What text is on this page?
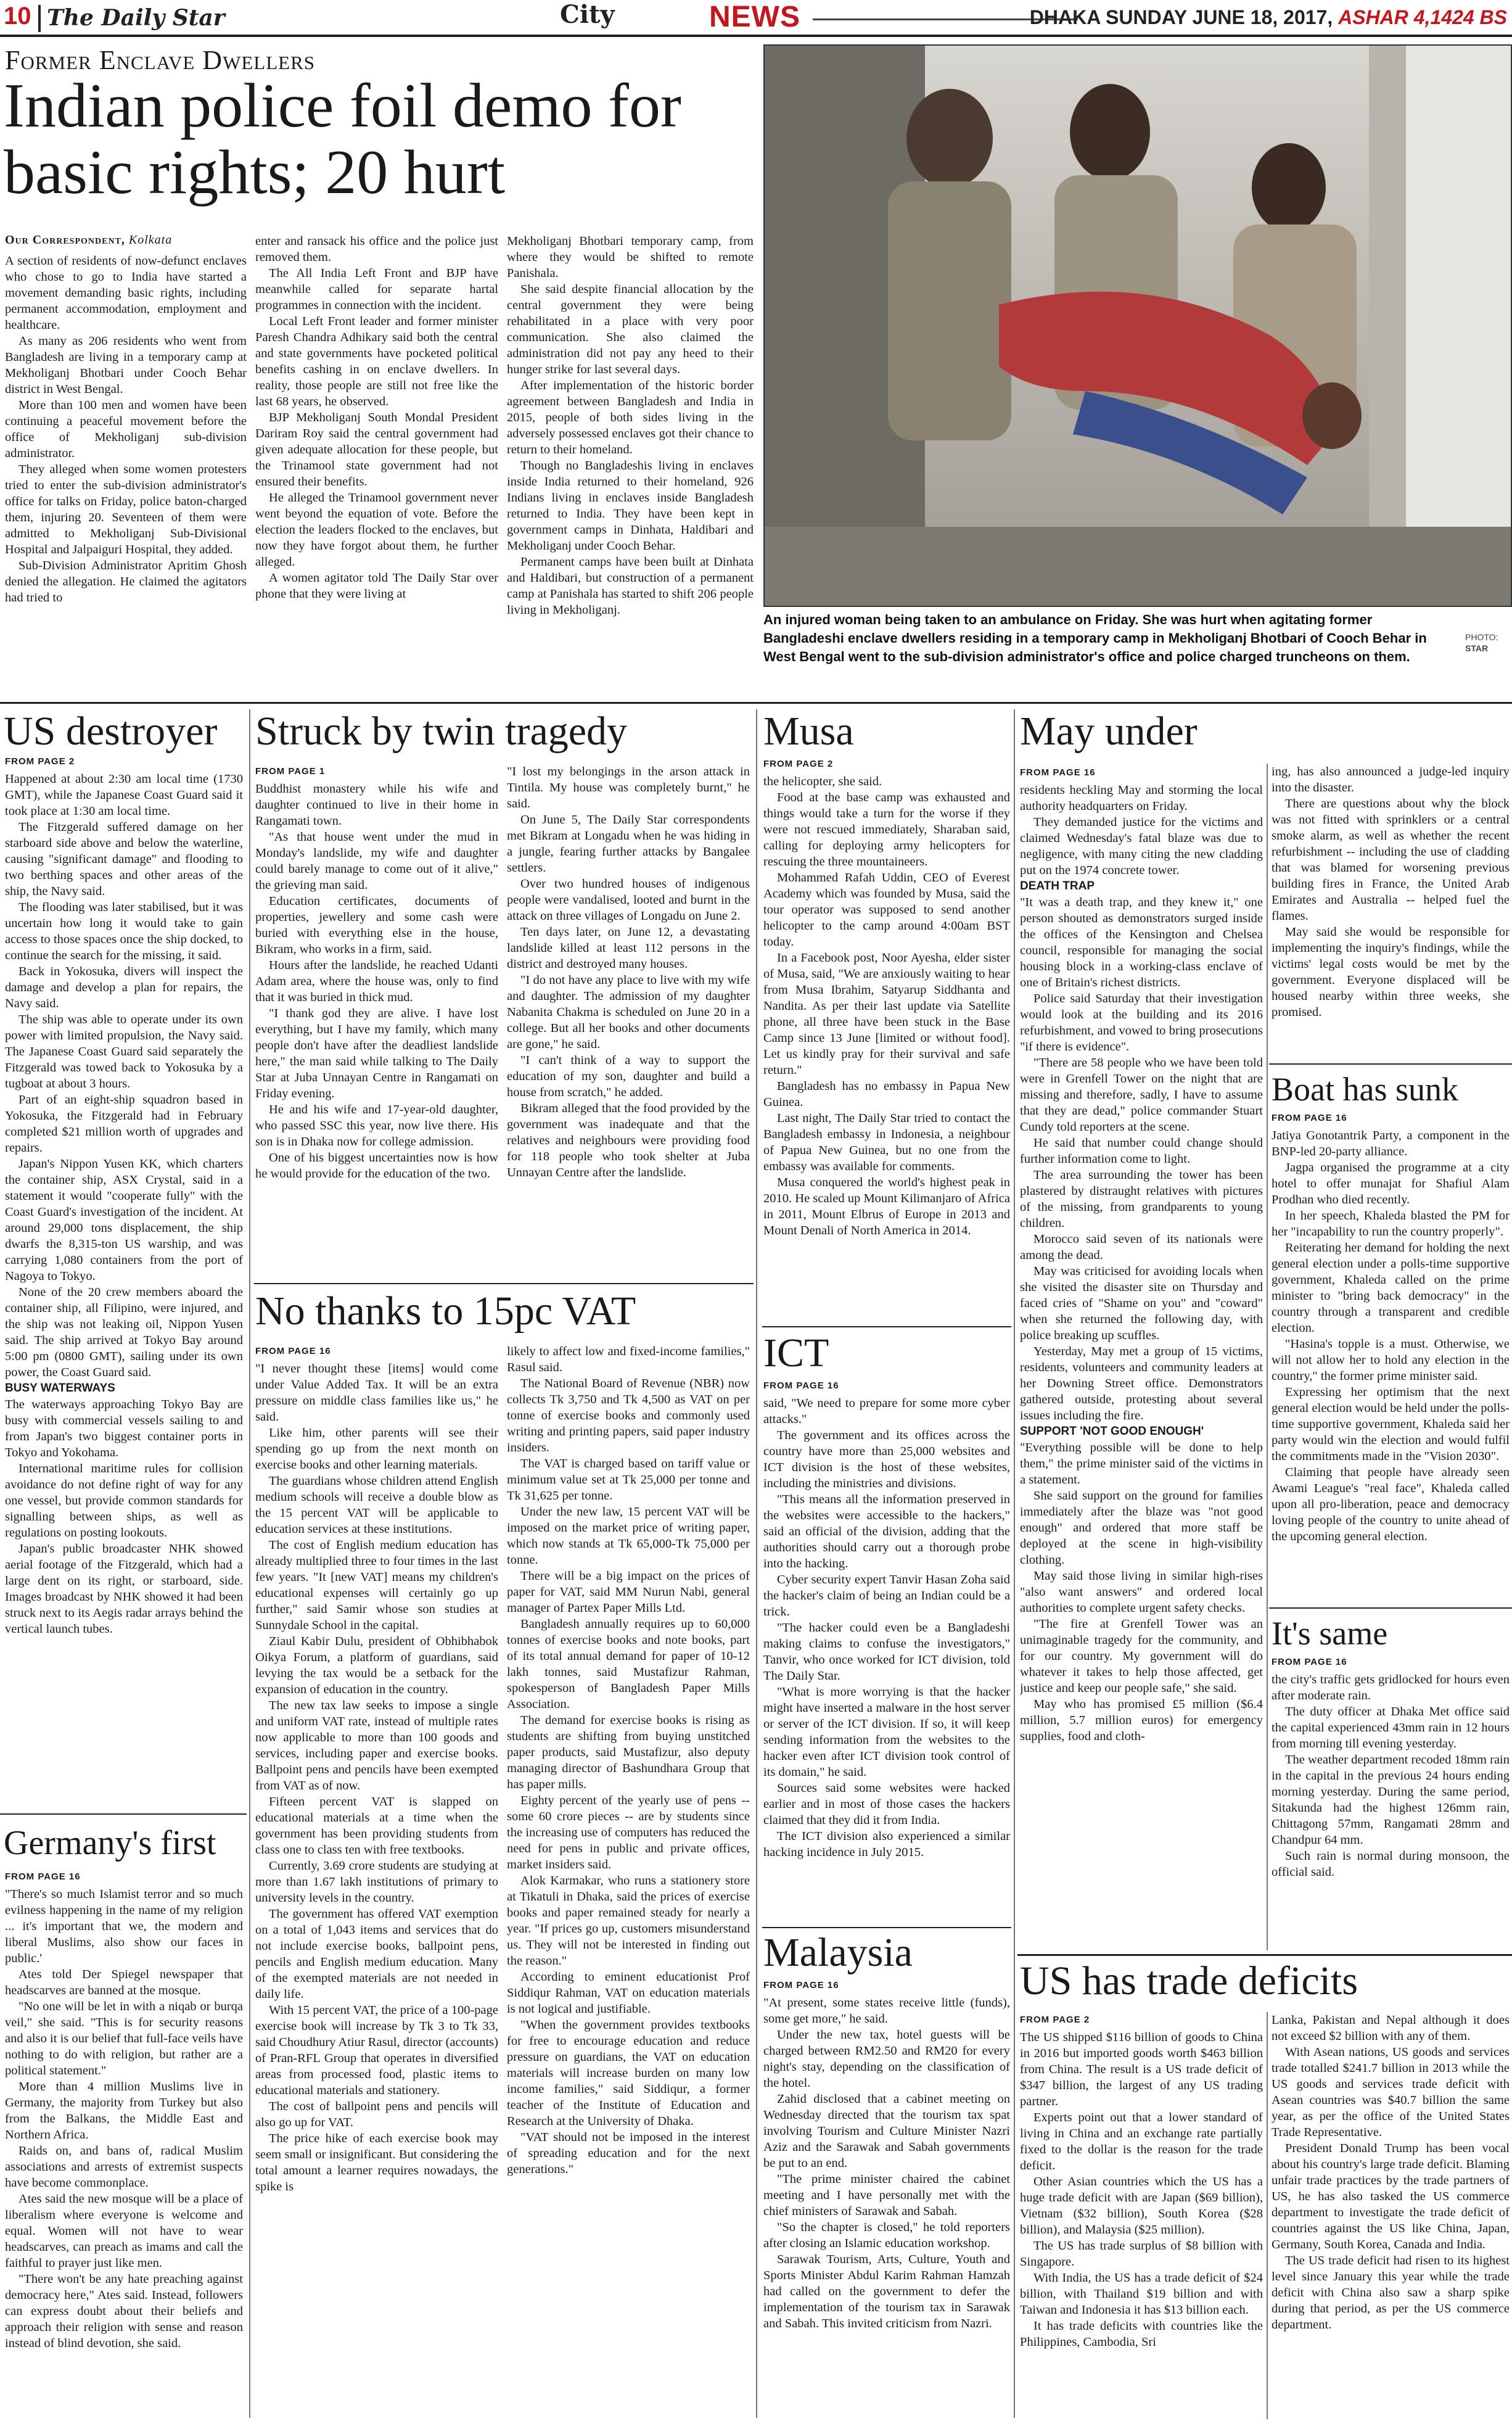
10 The Daily Star	City	NEWS	DHAKA SUNDAY JUNE 18, 2017, ASHAR 4,1424 BS
Former Enclave Dwellers
Indian police foil demo for basic rights; 20 hurt
Our Correspondent, Kolkata

A section of residents of now-defunct enclaves who chose to go to India have started a movement demanding basic rights, including permanent accommodation, employment and healthcare.

As many as 206 residents who went from Bangladesh are living in a temporary camp at Mekholiganj Bhotbari under Cooch Behar district in West Bengal.

More than 100 men and women have been continuing a peaceful movement before the office of Mekholiganj sub-division administrator.

They alleged when some women protesters tried to enter the sub-division administrator's office for talks on Friday, police baton-charged them, injuring 20. Seventeen of them were admitted to Mekholiganj Sub-Divisional Hospital and Jalpaiguri Hospital, they added.

Sub-Division Administrator Apritim Ghosh denied the allegation. He claimed the agitators had tried to

enter and ransack his office and the police just removed them.

The All India Left Front and BJP have meanwhile called for separate hartal programmes in connection with the incident.

Local Left Front leader and former minister Paresh Chandra Adhikary said both the central and state governments have pocketed political benefits cashing in on enclave dwellers. In reality, those people are still not free like the last 68 years, he observed.

BJP Mekholiganj South Mondal President Dariram Roy said the central government had given adequate allocation for these people, but the Trinamool state government had not ensured their benefits.

He alleged the Trinamool government never went beyond the equation of vote. Before the election the leaders flocked to the enclaves, but now they have forgot about them, he further alleged.

A women agitator told The Daily Star over phone that they were living at

Mekholiganj Bhotbari temporary camp, from where they would be shifted to remote Panishala.

She said despite financial allocation by the central government they were being rehabilitated in a place with very poor communication. She also claimed the administration did not pay any heed to their hunger strike for last several days.

After implementation of the historic border agreement between Bangladesh and India in 2015, people of both sides living in the adversely possessed enclaves got their chance to return to their homeland.

Though no Bangladeshis living in enclaves inside India returned to their homeland, 926 Indians living in enclaves inside Bangladesh returned to India. They have been kept in government camps in Dinhata, Haldibari and Mekholiganj under Cooch Behar.

Permanent camps have been built at Dinhata and Haldibari, but construction of a permanent camp at Panishala has started to shift 206 people living in Mekholiganj.

An injured woman being taken to an ambulance on Friday. She was hurt when agitating former Bangladeshi enclave dwellers residing in a temporary camp in Mekholiganj Bhotbari of Cooch Behar in West Bengal went to the sub-division administrator's office and police charged truncheons on them.
PHOTO:
STAR
US destroyer
FROM PAGE 2

Happened at about 2:30 am local time (1730 GMT), while the Japanese Coast Guard said it took place at 1:30 am local time.

The Fitzgerald suffered damage on her starboard side above and below the waterline, causing "significant damage" and flooding to two berthing spaces and other areas of the ship, the Navy said.

The flooding was later stabilised, but it was uncertain how long it would take to gain access to those spaces once the ship docked, to continue the search for the missing, it said.

Back in Yokosuka, divers will inspect the damage and develop a plan for repairs, the Navy said.

The ship was able to operate under its own power with limited propulsion, the Navy said. The Japanese Coast Guard said separately the Fitzgerald was towed back to Yokosuka by a tugboat at about 3 hours.

Part of an eight-ship squadron based in Yokosuka, the Fitzgerald had in February completed $21 million worth of upgrades and repairs.

Japan's Nippon Yusen KK, which charters the container ship, ASX Crystal, said in a statement it would "cooperate fully" with the Coast Guard's investigation of the incident. At around 29,000 tons displacement, the ship dwarfs the 8,315-ton US warship, and was carrying 1,080 containers from the port of Nagoya to Tokyo.

None of the 20 crew members aboard the container ship, all Filipino, were injured, and the ship was not leaking oil, Nippon Yusen said. The ship arrived at Tokyo Bay around 5:00 pm (0800 GMT), sailing under its own power, the Coast Guard said.

BUSY WATERWAYS

The waterways approaching Tokyo Bay are busy with commercial vessels sailing to and from Japan's two biggest container ports in Tokyo and Yokohama.

International maritime rules for collision avoidance do not define right of way for any one vessel, but provide common standards for signalling between ships, as well as regulations on posting lookouts.

Japan's public broadcaster NHK showed aerial footage of the Fitzgerald, which had a large dent on its right, or starboard, side. Images broadcast by NHK showed it had been struck next to its Aegis radar arrays behind the vertical launch tubes.

Germany's first
FROM PAGE 16

"There's so much Islamist terror and so much evilness happening in the name of my religion ... it's important that we, the modern and liberal Muslims, also show our faces in public.'

Ates told Der Spiegel newspaper that headscarves are banned at the mosque.

"No one will be let in with a niqab or burqa veil," she said. "This is for security reasons and also it is our belief that full-face veils have nothing to do with religion, but rather are a political statement."

More than 4 million Muslims live in Germany, the majority from Turkey but also from the Balkans, the Middle East and Northern Africa.

Raids on, and bans of, radical Muslim associations and arrests of extremist suspects have become commonplace.

Ates said the new mosque will be a place of liberalism where everyone is welcome and equal. Women will not have to wear headscarves, can preach as imams and call the faithful to prayer just like men.

"There won't be any hate preaching against democracy here," Ates said. Instead, followers can express doubt about their beliefs and approach their religion with sense and reason instead of blind devotion, she said.

Struck by twin tragedy
FROM PAGE 1

Buddhist monastery while his wife and daughter continued to live in their home in Rangamati town.

"As that house went under the mud in Monday's landslide, my wife and daughter could barely manage to come out of it alive," the grieving man said.

Education certificates, documents of properties, jewellery and some cash were buried with everything else in the house, Bikram, who works in a firm, said.

Hours after the landslide, he reached Udanti Adam area, where the house was, only to find that it was buried in thick mud.

"I thank god they are alive. I have lost everything, but I have my family, which many people don't have after the deadliest landslide here," the man said while talking to The Daily Star at Juba Unnayan Centre in Rangamati on Friday evening.

He and his wife and 17-year-old daughter, who passed SSC this year, now live there. His son is in Dhaka now for college admission.

One of his biggest uncertainties now is how he would provide for the education of the two.

"I lost my belongings in the arson attack in Tintila. My house was completely burnt," he said.

On June 5, The Daily Star correspondents met Bikram at Longadu when he was hiding in a jungle, fearing further attacks by Bangalee settlers.

Over two hundred houses of indigenous people were vandalised, looted and burnt in the attack on three villages of Longadu on June 2.

Ten days later, on June 12, a devastating landslide killed at least 112 persons in the district and destroyed many houses.

"I do not have any place to live with my wife and daughter. The admission of my daughter Nabanita Chakma is scheduled on June 20 in a college. But all her books and other documents are gone," he said.

"I can't think of a way to support the education of my son, daughter and build a house from scratch," he added.

Bikram alleged that the food provided by the government was inadequate and that the relatives and neighbours were providing food for 118 people who took shelter at Juba Unnayan Centre after the landslide.

No thanks to 15pc VAT
FROM PAGE 16

"I never thought these [items] would come under Value Added Tax. It will be an extra pressure on middle class families like us," he said.

Like him, other parents will see their spending go up from the next month on exercise books and other learning materials.

The guardians whose children attend English medium schools will receive a double blow as the 15 percent VAT will be applicable to education services at these institutions.

The cost of English medium education has already multiplied three to four times in the last few years. "It [new VAT] means my children's educational expenses will certainly go up further," said Samir whose son studies at Sunnydale School in the capital.

Ziaul Kabir Dulu, president of Obhibhabok Oikya Forum, a platform of guardians, said levying the tax would be a setback for the expansion of education in the country.

The new tax law seeks to impose a single and uniform VAT rate, instead of multiple rates now applicable to more than 100 goods and services, including paper and exercise books. Ballpoint pens and pencils have been exempted from VAT as of now.

Fifteen percent VAT is slapped on educational materials at a time when the government has been providing students from class one to class ten with free textbooks.

Currently, 3.69 crore students are studying at more than 1.67 lakh institutions of primary to university levels in the country.

The government has offered VAT exemption on a total of 1,043 items and services that do not include exercise books, ballpoint pens, pencils and English medium education. Many of the exempted materials are not needed in daily life.

With 15 percent VAT, the price of a 100-page exercise book will increase by Tk 3 to Tk 33, said Choudhury Atiur Rasul, director (accounts) of Pran-RFL Group that operates in diversified areas from processed food, plastic items to educational materials and stationery.

The cost of ballpoint pens and pencils will also go up for VAT.

The price hike of each exercise book may seem small or insignificant. But considering the total amount a learner requires nowadays, the spike is

likely to affect low and fixed-income families," Rasul said.

The National Board of Revenue (NBR) now collects Tk 3,750 and Tk 4,500 as VAT on per tonne of exercise books and commonly used writing and printing papers, said paper industry insiders.

The VAT is charged based on tariff value or minimum value set at Tk 25,000 per tonne and Tk 31,625 per tonne.

Under the new law, 15 percent VAT will be imposed on the market price of writing paper, which now stands at Tk 65,000-Tk 75,000 per tonne.

There will be a big impact on the prices of paper for VAT, said MM Nurun Nabi, general manager of Partex Paper Mills Ltd.

Bangladesh annually requires up to 60,000 tonnes of exercise books and note books, part of its total annual demand for paper of 10-12 lakh tonnes, said Mustafizur Rahman, spokesperson of Bangladesh Paper Mills Association.

The demand for exercise books is rising as students are shifting from buying unstitched paper products, said Mustafizur, also deputy managing director of Bashundhara Group that has paper mills.

Eighty percent of the yearly use of pens -- some 60 crore pieces -- are by students since the increasing use of computers has reduced the need for pens in public and private offices, market insiders said.

Alok Karmakar, who runs a stationery store at Tikatuli in Dhaka, said the prices of exercise books and paper remained steady for nearly a year. "If prices go up, customers misunderstand us. They will not be interested in finding out the reason."

According to eminent educationist Prof Siddiqur Rahman, VAT on education materials is not logical and justifiable.

"When the government provides textbooks for free to encourage education and reduce pressure on guardians, the VAT on education materials will increase burden on many low income families," said Siddiqur, a former teacher of the Institute of Education and Research at the University of Dhaka.

"VAT should not be imposed in the interest of spreading education and for the next generations."

Musa
FROM PAGE 2

the helicopter, she said.

Food at the base camp was exhausted and things would take a turn for the worse if they were not rescued immediately, Sharaban said, calling for deploying army helicopters for rescuing the three mountaineers.

Mohammed Rafah Uddin, CEO of Everest Academy which was founded by Musa, said the tour operator was supposed to send another helicopter to the camp around 4:00am BST today.

In a Facebook post, Noor Ayesha, elder sister of Musa, said, "We are anxiously waiting to hear from Musa Ibrahim, Satyarup Siddhanta and Nandita. As per their last update via Satellite phone, all three have been stuck in the Base Camp since 13 June [limited or without food]. Let us kindly pray for their survival and safe return."

Bangladesh has no embassy in Papua New Guinea.

Last night, The Daily Star tried to contact the Bangladesh embassy in Indonesia, a neighbour of Papua New Guinea, but no one from the embassy was available for comments.

Musa conquered the world's highest peak in 2010. He scaled up Mount Kilimanjaro of Africa in 2011, Mount Elbrus of Europe in 2013 and Mount Denali of North America in 2014.

ICT
FROM PAGE 16

said, "We need to prepare for some more cyber attacks."

The government and its offices across the country have more than 25,000 websites and ICT division is the host of these websites, including the ministries and divisions.

"This means all the information preserved in the websites were accessible to the hackers," said an official of the division, adding that the authorities should carry out a thorough probe into the hacking.

Cyber security expert Tanvir Hasan Zoha said the hacker's claim of being an Indian could be a trick.

"The hacker could even be a Bangladeshi making claims to confuse the investigators," Tanvir, who once worked for ICT division, told The Daily Star.

"What is more worrying is that the hacker might have inserted a malware in the host server or server of the ICT division. If so, it will keep sending information from the websites to the hacker even after ICT division took control of its domain," he said.

Sources said some websites were hacked earlier and in most of those cases the hackers claimed that they did it from India.

The ICT division also experienced a similar hacking incidence in July 2015.

Malaysia
FROM PAGE 16

"At present, some states receive little (funds), some get more," he said.

Under the new tax, hotel guests will be charged between RM2.50 and RM20 for every night's stay, depending on the classification of the hotel.

Zahid disclosed that a cabinet meeting on Wednesday directed that the tourism tax spat involving Tourism and Culture Minister Nazri Aziz and the Sarawak and Sabah governments be put to an end.

"The prime minister chaired the cabinet meeting and I have personally met with the chief ministers of Sarawak and Sabah.

"So the chapter is closed," he told reporters after closing an Islamic education workshop.

Sarawak Tourism, Arts, Culture, Youth and Sports Minister Abdul Karim Rahman Hamzah had called on the government to defer the implementation of the tourism tax in Sarawak and Sabah. This invited criticism from Nazri.

May under
FROM PAGE 16

residents heckling May and storming the local authority headquarters on Friday.

They demanded justice for the victims and claimed Wednesday's fatal blaze was due to negligence, with many citing the new cladding put on the 1974 concrete tower.

DEATH TRAP

"It was a death trap, and they knew it," one person shouted as demonstrators surged inside the offices of the Kensington and Chelsea council, responsible for managing the social housing block in a working-class enclave of one of Britain's richest districts.

Police said Saturday that their investigation would look at the building and its 2016 refurbishment, and vowed to bring prosecutions "if there is evidence".

"There are 58 people who we have been told were in Grenfell Tower on the night that are missing and therefore, sadly, I have to assume that they are dead," police commander Stuart Cundy told reporters at the scene.

He said that number could change should further information come to light.

The area surrounding the tower has been plastered by distraught relatives with pictures of the missing, from grandparents to young children.

Morocco said seven of its nationals were among the dead.

May was criticised for avoiding locals when she visited the disaster site on Thursday and faced cries of "Shame on you" and "coward" when she returned the following day, with police breaking up scuffles.

Yesterday, May met a group of 15 victims, residents, volunteers and community leaders at her Downing Street office. Demonstrators gathered outside, protesting about several issues including the fire.

SUPPORT 'NOT GOOD ENOUGH'

"Everything possible will be done to help them," the prime minister said of the victims in a statement.

She said support on the ground for families immediately after the blaze was "not good enough" and ordered that more staff be deployed at the scene in high-visibility clothing.

May said those living in similar high-rises "also want answers" and ordered local authorities to complete urgent safety checks.

"The fire at Grenfell Tower was an unimaginable tragedy for the community, and for our country. My government will do whatever it takes to help those affected, get justice and keep our people safe," she said.

May who has promised £5 million ($6.4 million, 5.7 million euros) for emergency supplies, food and cloth-

ing, has also announced a judge-led inquiry into the disaster.

There are questions about why the block was not fitted with sprinklers or a central smoke alarm, as well as whether the recent refurbishment -- including the use of cladding that was blamed for worsening previous building fires in France, the United Arab Emirates and Australia -- helped fuel the flames.

May said she would be responsible for implementing the inquiry's findings, while the victims' legal costs would be met by the government. Everyone displaced will be housed nearby within three weeks, she promised.

Boat has sunk
FROM PAGE 16

Jatiya Gonotantrik Party, a component in the BNP-led 20-party alliance.

Jagpa organised the programme at a city hotel to offer munajat for Shafiul Alam Prodhan who died recently.

In her speech, Khaleda blasted the PM for her "incapability to run the country properly".

Reiterating her demand for holding the next general election under a polls-time supportive government, Khaleda called on the prime minister to "bring back democracy" in the country through a transparent and credible election.

"Hasina's topple is a must. Otherwise, we will not allow her to hold any election in the country," the former prime minister said.

Expressing her optimism that the next general election would be held under the polls-time supportive government, Khaleda said her party would win the election and would fulfil the commitments made in the "Vision 2030".

Claiming that people have already seen Awami League's "real face", Khaleda called upon all pro-liberation, peace and democracy loving people of the country to unite ahead of the upcoming general election.

It's same
FROM PAGE 16

the city's traffic gets gridlocked for hours even after moderate rain.

The duty officer at Dhaka Met office said the capital experienced 43mm rain in 12 hours from morning till evening yesterday.

The weather department recoded 18mm rain in the capital in the previous 24 hours ending morning yesterday. During the same period, Sitakunda had the highest 126mm rain, Chittagong 57mm, Rangamati 28mm and Chandpur 64 mm.

Such rain is normal during monsoon, the official said.

US has trade deficits
FROM PAGE 2

The US shipped $116 billion of goods to China in 2016 but imported goods worth $463 billion from China. The result is a US trade deficit of $347 billion, the largest of any US trading partner.

Experts point out that a lower standard of living in China and an exchange rate partially fixed to the dollar is the reason for the trade deficit.

Other Asian countries which the US has a huge trade deficit with are Japan ($69 billion), Vietnam ($32 billion), South Korea ($28 billion), and Malaysia ($25 million).

The US has trade surplus of $8 billion with Singapore.

With India, the US has a trade deficit of $24 billion, with Thailand $19 billion and with Taiwan and Indonesia it has $13 billion each.

It has trade deficits with countries like the Philippines, Cambodia, Sri

Lanka, Pakistan and Nepal although it does not exceed $2 billion with any of them.

With Asean nations, US goods and services trade totalled $241.7 billion in 2013 while the US goods and services trade deficit with Asean countries was $40.7 billion the same year, as per the office of the United States Trade Representative.

President Donald Trump has been vocal about his country's large trade deficit. Blaming unfair trade practices by the trade partners of US, he has also tasked the US commerce department to investigate the trade deficit of countries against the US like China, Japan, Germany, South Korea, Canada and India.

The US trade deficit had risen to its highest level since January this year while the trade deficit with China also saw a sharp spike during that period, as per the US commerce department.
